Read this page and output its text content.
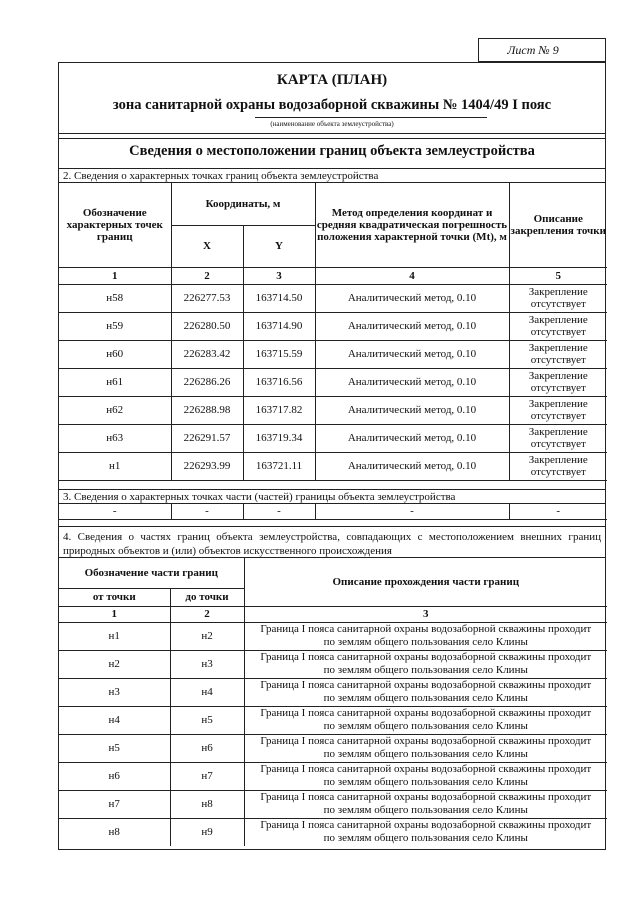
Лист № 9
КАРТА (ПЛАН)
зона санитарной охраны водозаборной скважины № 1404/49 I пояс
(наименование объекта землеустройства)
Сведения о местоположении границ объекта землеустройства
2. Сведения о характерных точках границ объекта землеустройства
Обозначение характерных точек границ	Координаты, м		Метод определения координат и средняя квадратическая погрешность положения характерной точки (Mt), м	Описание закрепления точки
	X	Y		
1	2	3	4	5
н58	226277.53	163714.50	Аналитический метод, 0.10	Закрепление отсутствует
н59	226280.50	163714.90	Аналитический метод, 0.10	Закрепление отсутствует
н60	226283.42	163715.59	Аналитический метод, 0.10	Закрепление отсутствует
н61	226286.26	163716.56	Аналитический метод, 0.10	Закрепление отсутствует
н62	226288.98	163717.82	Аналитический метод, 0.10	Закрепление отсутствует
н63	226291.57	163719.34	Аналитический метод, 0.10	Закрепление отсутствует
н1	226293.99	163721.11	Аналитический метод, 0.10	Закрепление отсутствует
3. Сведения о характерных точках части (частей) границы объекта землеустройства
-	-	-	-	-
4. Сведения о частях границ объекта землеустройства, совпадающих с местоположением внешних границ природных объектов и (или) объектов искусственного происхождения
Обозначение части границ		Описание прохождения части границ
от точки	до точки	
1	2	3
н1	н2	Граница I пояса санитарной охраны водозаборной скважины проходит
по землям общего пользования село Клины

н2	н3	Граница I пояса санитарной охраны водозаборной скважины проходит
по землям общего пользования село Клины

н3	н4	Граница I пояса санитарной охраны водозаборной скважины проходит
по землям общего пользования село Клины

н4	н5	Граница I пояса санитарной охраны водозаборной скважины проходит
по землям общего пользования село Клины

н5	н6	Граница I пояса санитарной охраны водозаборной скважины проходит
по землям общего пользования село Клины

н6	н7	Граница I пояса санитарной охраны водозаборной скважины проходит
по землям общего пользования село Клины

н7	н8	Граница I пояса санитарной охраны водозаборной скважины проходит
по землям общего пользования село Клины

н8	н9	Граница I пояса санитарной охраны водозаборной скважины проходит
по землям общего пользования село Клины
